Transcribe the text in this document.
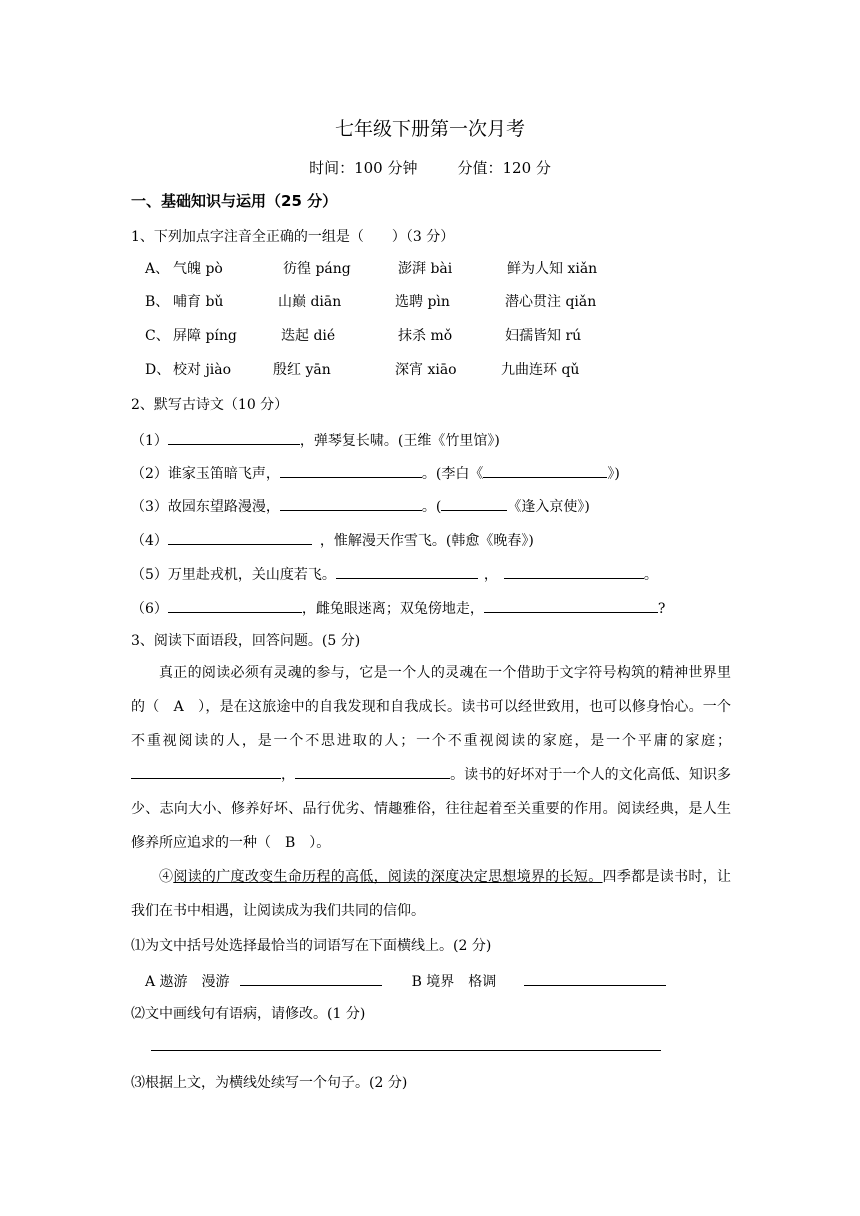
七年级下册第一次月考
时间：100 分钟	分值：120 分
一、基础知识与运用（25 分）
1、下列加点字注音全正确的一组是（　　）（3 分）
A、 气魄 pò	彷徨 páng	澎湃 bài	鲜为人知 xiǎn
B、 哺育 bǔ	山巅 diān	选聘 pìn	潜心贯注 qiǎn
C、 屏障 píng	迭起 dié	抹杀 mǒ	妇孺皆知 rú
D、 校对 jiào	殷红 yān	深宵 xiāo	九曲连环 qǔ
2、默写古诗文（10 分）
（1）	，弹琴复长啸。(王维《竹里馆》)
（2）谁家玉笛暗飞声，	。(李白《	》)
（3）故园东望路漫漫，	。(	《逢入京使》)
（4）	，惟解漫天作雪飞。(韩愈《晚春》)
（5）万里赴戎机，关山度若飞。	，	。
（6）	，雌兔眼迷离；双兔傍地走，	?
3、阅读下面语段，回答问题。(5 分)
真正的阅读必须有灵魂的参与，它是一个人的灵魂在一个借助于文字符号构筑的精神世界里的（　A　），是在这旅途中的自我发现和自我成长。读书可以经世致用，也可以修身怡心。一个不重视阅读的人，是一个不思进取的人；一个不重视阅读的家庭，是一个平庸的家庭；，	。读书的好坏对于一个人的文化高低、知识多少、志向大小、修养好坏、品行优劣、情趣雅俗，往往起着至关重要的作用。阅读经典，是人生修养所应追求的一种（　B　）。
④阅读的广度改变生命历程的高低，阅读的深度决定思想境界的长短。四季都是读书时，让我们在书中相遇，让阅读成为我们共同的信仰。
⑴为文中括号处选择最恰当的词语写在下面横线上。(2 分)
A 遨游　漫游	B 境界　格调
⑵文中画线句有语病，请修改。(1 分)
⑶根据上文，为横线处续写一个句子。(2 分)
